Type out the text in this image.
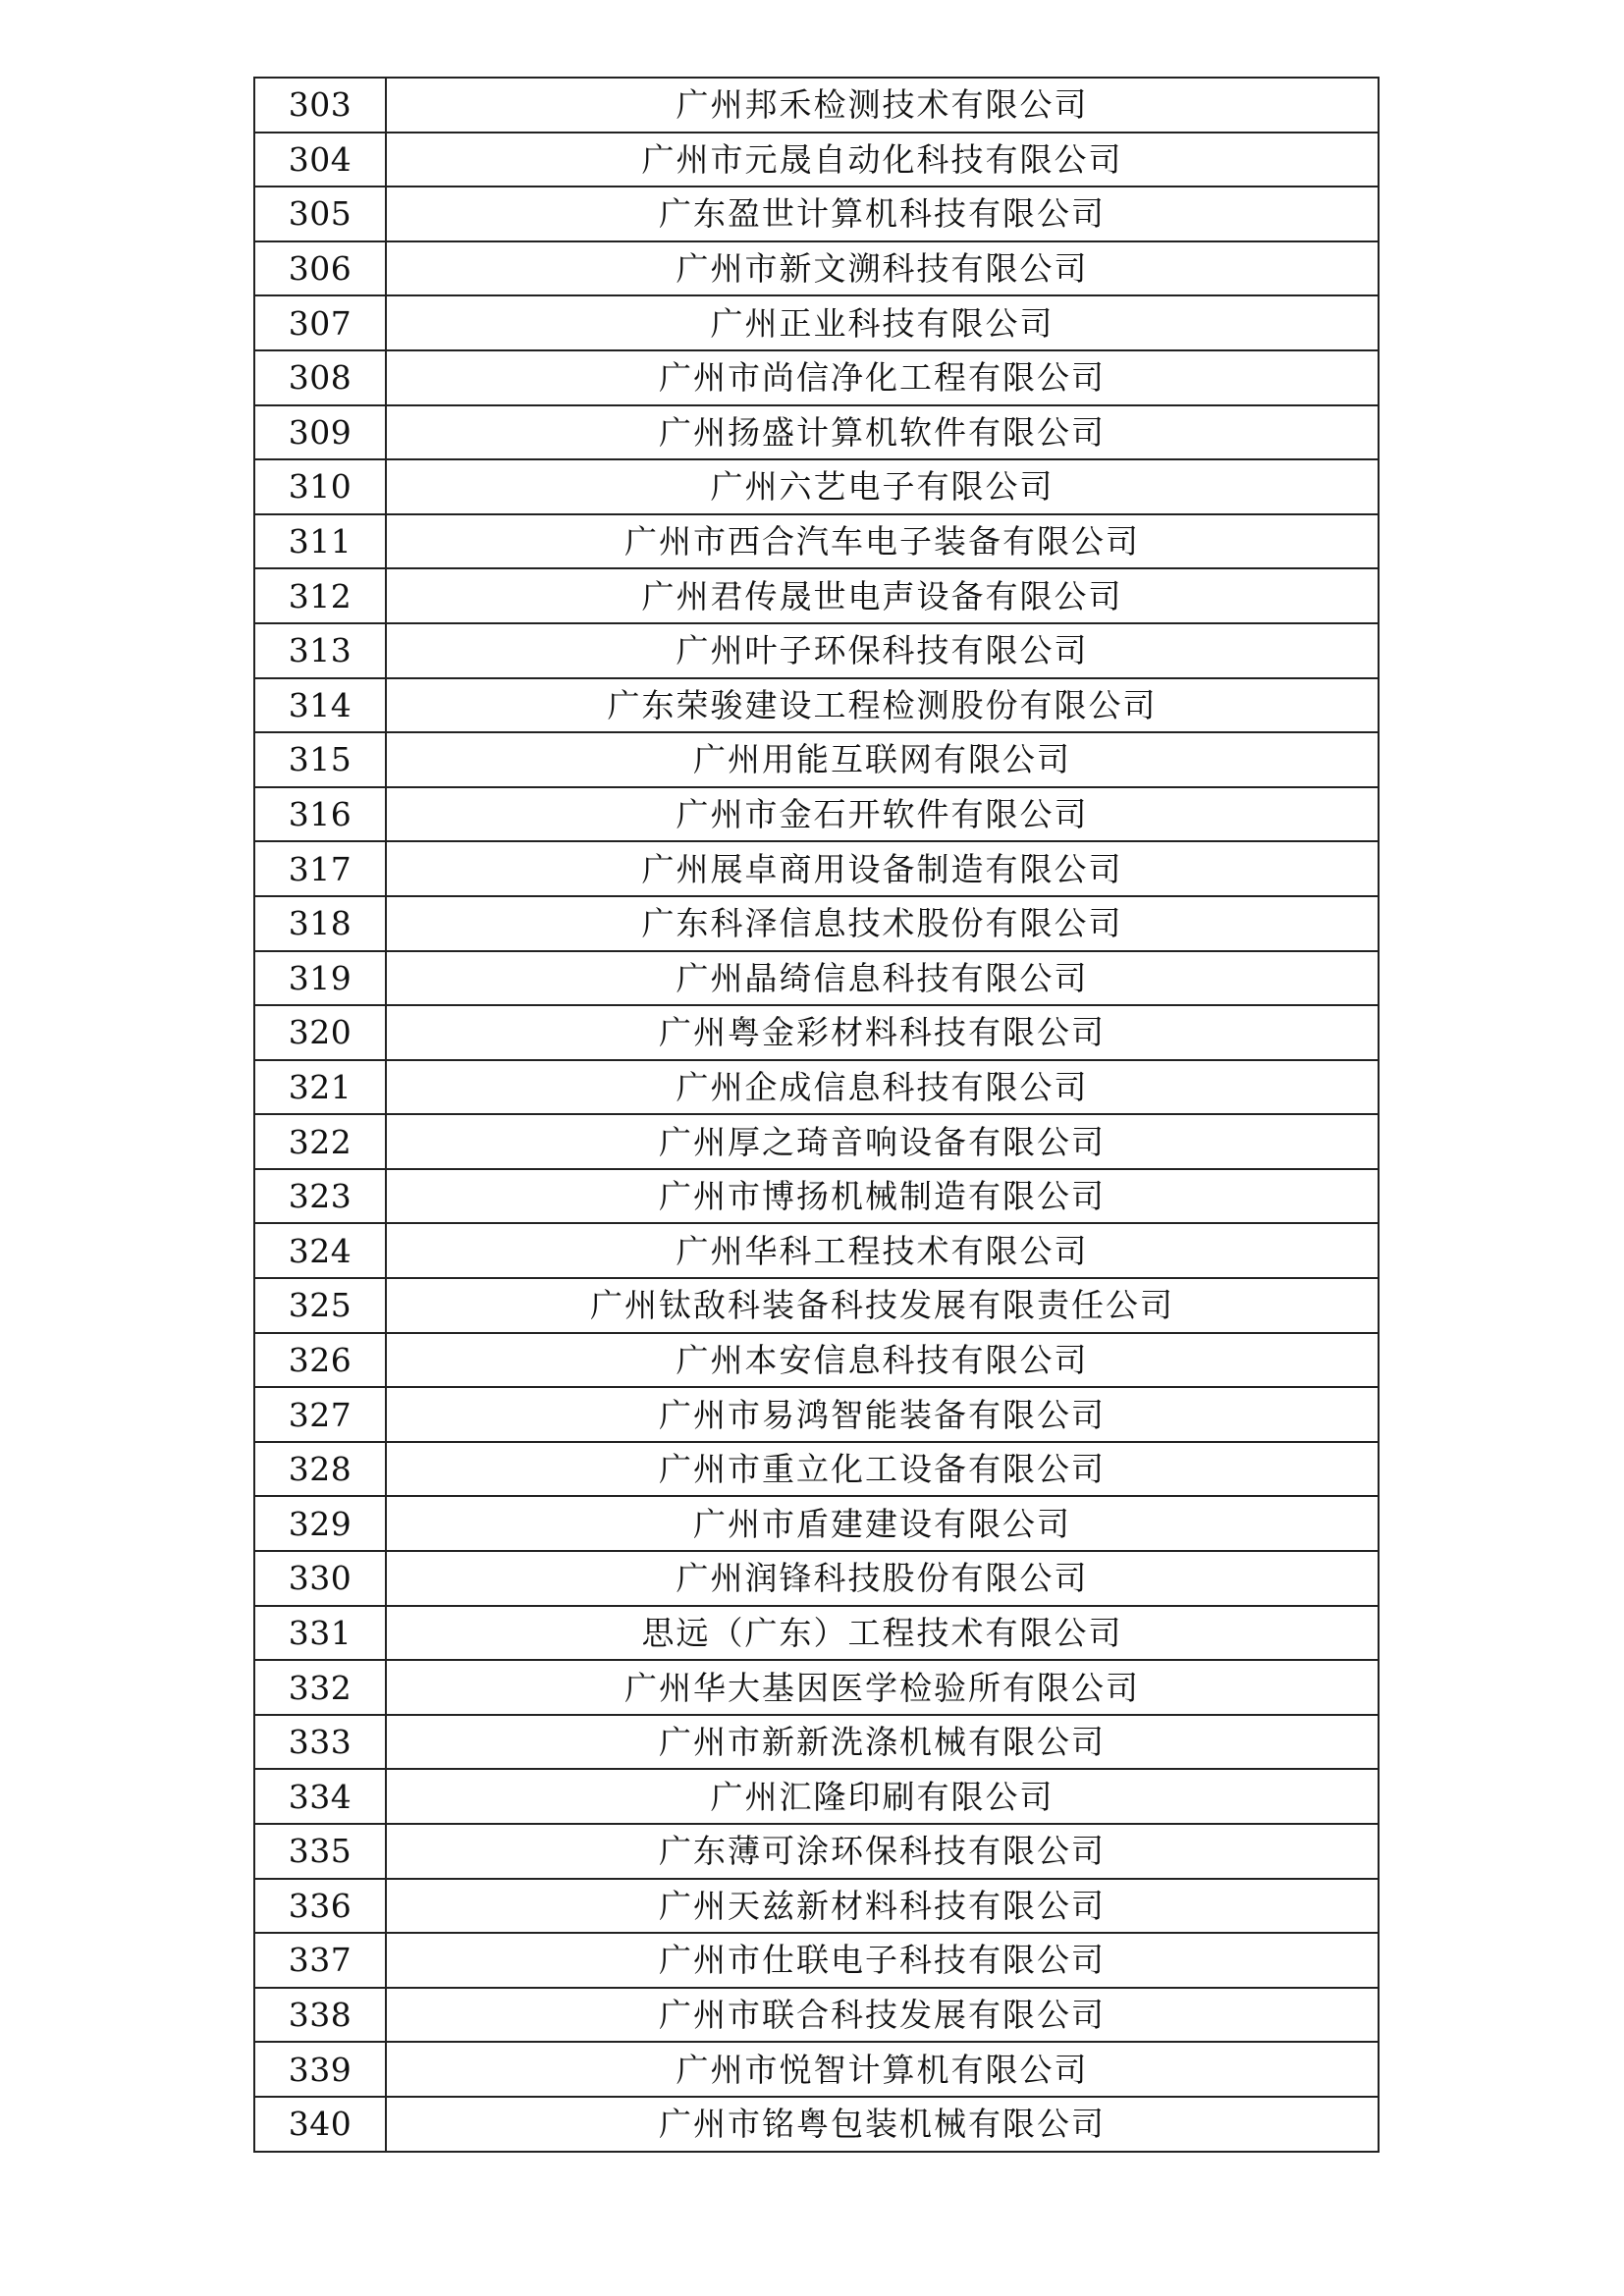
303	广州邦禾检测技术有限公司
304	广州市元晟自动化科技有限公司
305	广东盈世计算机科技有限公司
306	广州市新文溯科技有限公司
307	广州正业科技有限公司
308	广州市尚信净化工程有限公司
309	广州扬盛计算机软件有限公司
310	广州六艺电子有限公司
311	广州市西合汽车电子装备有限公司
312	广州君传晟世电声设备有限公司
313	广州叶子环保科技有限公司
314	广东荣骏建设工程检测股份有限公司
315	广州用能互联网有限公司
316	广州市金石开软件有限公司
317	广州展卓商用设备制造有限公司
318	广东科泽信息技术股份有限公司
319	广州晶绮信息科技有限公司
320	广州粤金彩材料科技有限公司
321	广州企成信息科技有限公司
322	广州厚之琦音响设备有限公司
323	广州市博扬机械制造有限公司
324	广州华科工程技术有限公司
325	广州钛敌科装备科技发展有限责任公司
326	广州本安信息科技有限公司
327	广州市易鸿智能装备有限公司
328	广州市重立化工设备有限公司
329	广州市盾建建设有限公司
330	广州润锋科技股份有限公司
331	思远（广东）工程技术有限公司
332	广州华大基因医学检验所有限公司
333	广州市新新洗涤机械有限公司
334	广州汇隆印刷有限公司
335	广东薄可涂环保科技有限公司
336	广州天兹新材料科技有限公司
337	广州市仕联电子科技有限公司
338	广州市联合科技发展有限公司
339	广州市悦智计算机有限公司
340	广州市铭粤包装机械有限公司
